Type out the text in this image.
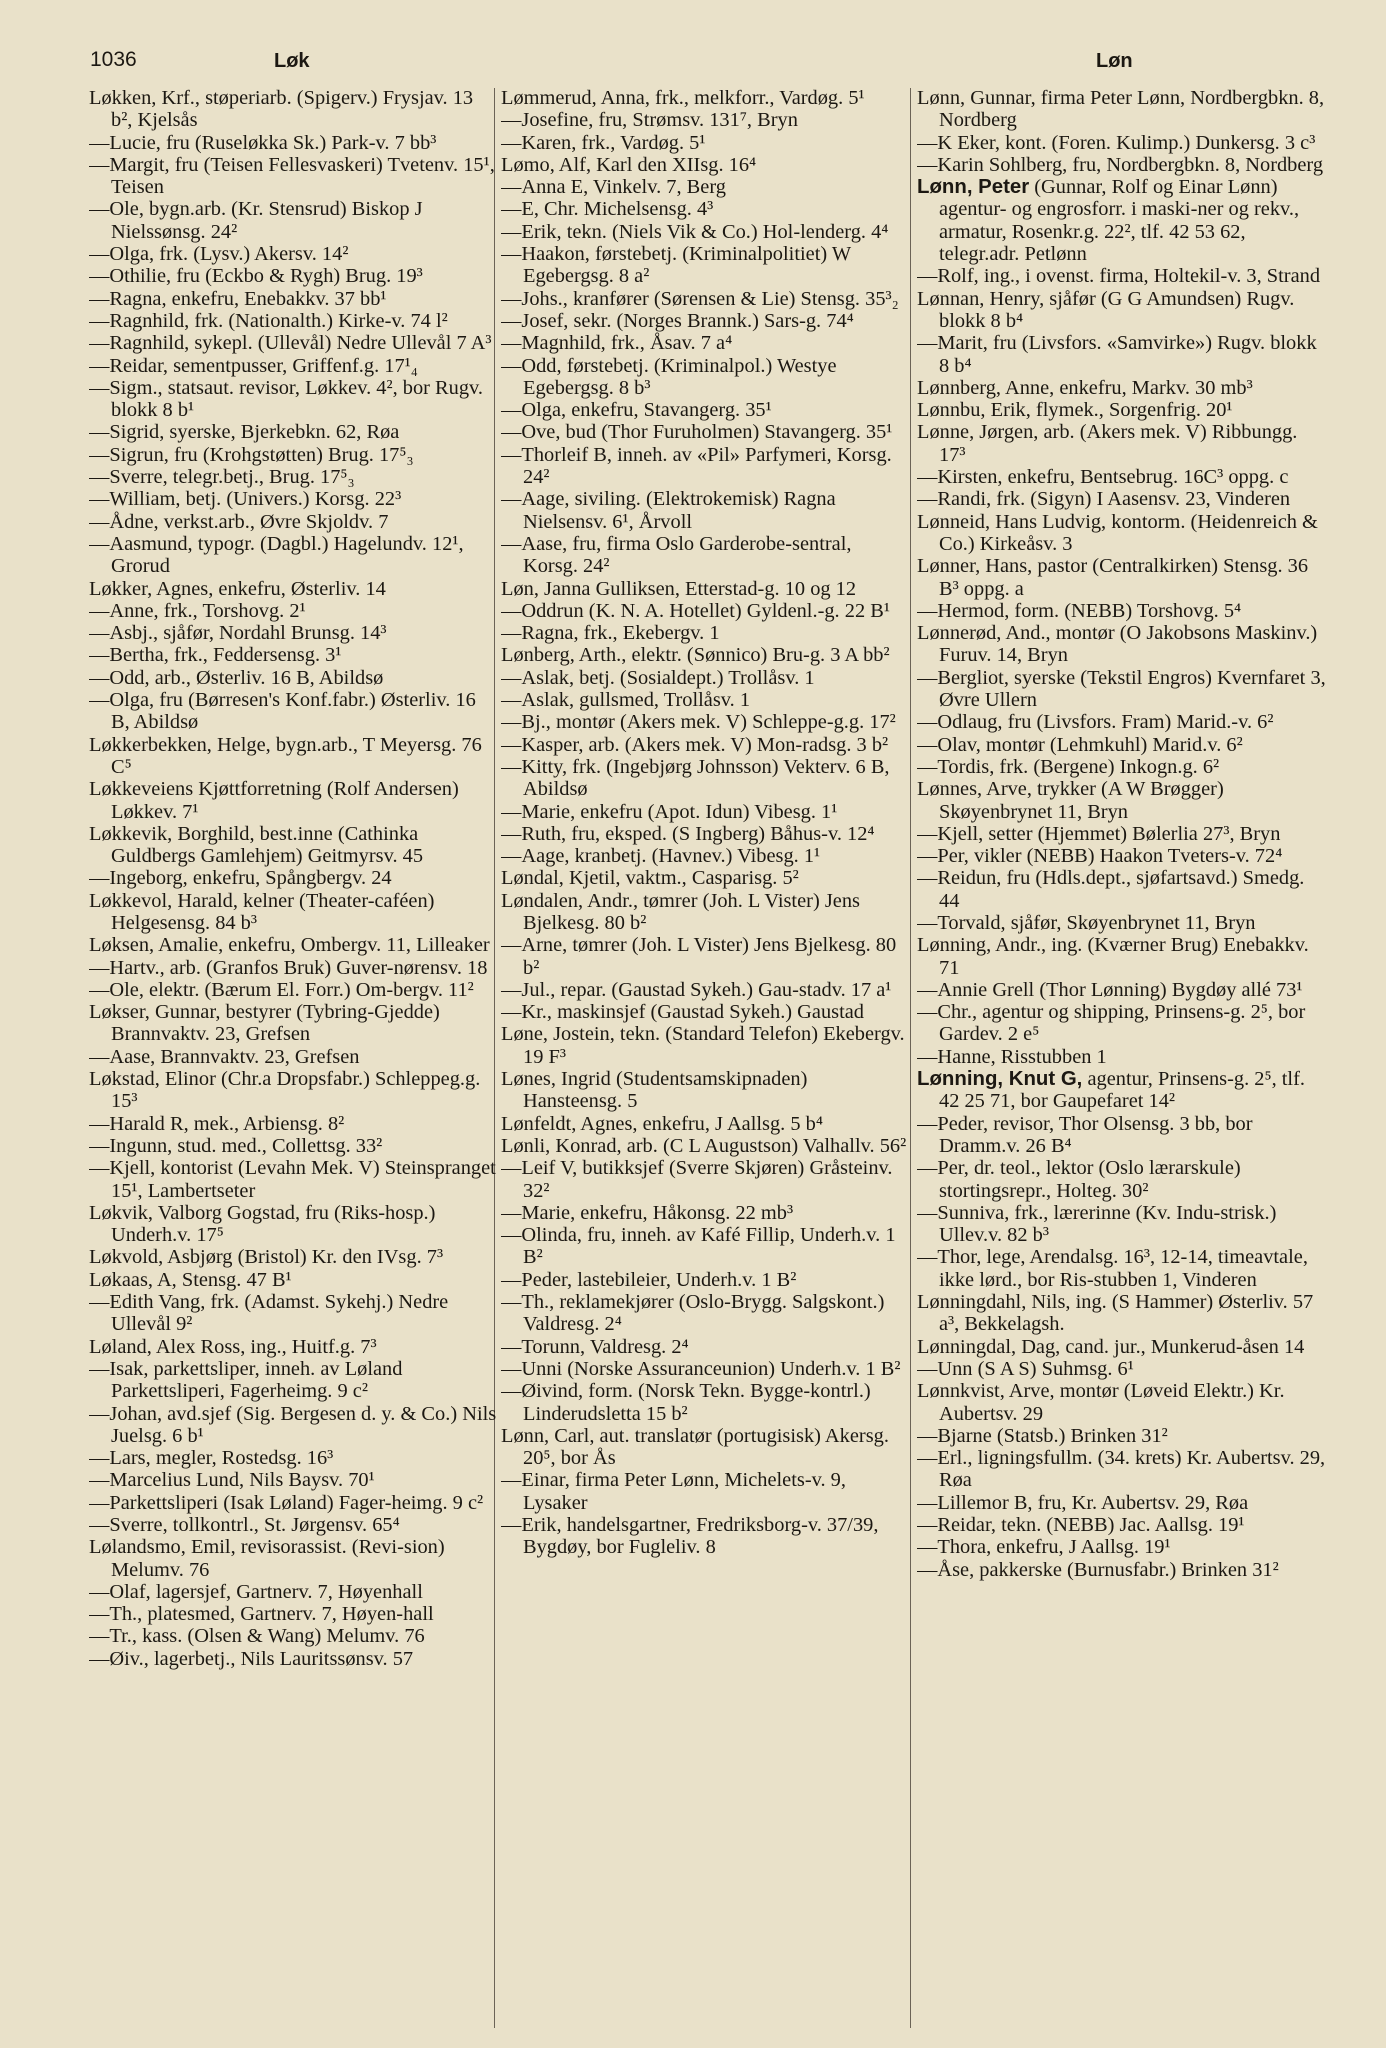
1036	Løk	Løn

Løkken, Krf., støperiarb. (Spigerv.) Frysjav. 13 b², Kjelsås

—Lucie, fru (Ruseløkka Sk.) Park-v. 7 bb³

—Margit, fru (Teisen Fellesvaskeri) Tvetenv. 15¹, Teisen

—Ole, bygn.arb. (Kr. Stensrud) Biskop J Nielssønsg. 24²

—Olga, frk. (Lysv.) Akersv. 14²

—Othilie, fru (Eckbo & Rygh) Brug. 19³

—Ragna, enkefru, Enebakkv. 37 bb¹

—Ragnhild, frk. (Nationalth.) Kirke-v. 74 l²

—Ragnhild, sykepl. (Ullevål) Nedre Ullevål 7 A³

—Reidar, sementpusser, Griffenf.g. 17¹₄

—Sigm., statsaut. revisor, Løkkev. 4², bor Rugv. blokk 8 b¹

—Sigrid, syerske, Bjerkebkn. 62, Røa

—Sigrun, fru (Krohgstøtten) Brug. 17⁵₃

—Sverre, telegr.betj., Brug. 17⁵₃

—William, betj. (Univers.) Korsg. 22³

—Ådne, verkst.arb., Øvre Skjoldv. 7

—Aasmund, typogr. (Dagbl.) Hagelundv. 12¹, Grorud

Løkker, Agnes, enkefru, Østerliv. 14

—Anne, frk., Torshovg. 2¹

—Asbj., sjåfør, Nordahl Brunsg. 14³

—Bertha, frk., Feddersensg. 3¹

—Odd, arb., Østerliv. 16 B, Abildsø

—Olga, fru (Børresen's Konf.fabr.) Østerliv. 16 B, Abildsø

Løkkerbekken, Helge, bygn.arb., T Meyersg. 76 C⁵

Løkkeveiens Kjøttforretning (Rolf Andersen) Løkkev. 7¹

Løkkevik, Borghild, best.inne (Cathinka Guldbergs Gamlehjem) Geitmyrsv. 45

—Ingeborg, enkefru, Spångbergv. 24

Løkkevol, Harald, kelner (Theater-caféen) Helgesensg. 84 b³

Løksen, Amalie, enkefru, Ombergv. 11, Lilleaker

—Hartv., arb. (Granfos Bruk) Guver-nørensv. 18

—Ole, elektr. (Bærum El. Forr.) Om-bergv. 11²

Løkser, Gunnar, bestyrer (Tybring-Gjedde) Brannvaktv. 23, Grefsen

—Aase, Brannvaktv. 23, Grefsen

Løkstad, Elinor (Chr.a Dropsfabr.) Schleppeg.g. 15³

—Harald R, mek., Arbiensg. 8²

—Ingunn, stud. med., Collettsg. 33²

—Kjell, kontorist (Levahn Mek. V) Steinspranget 15¹, Lambertseter

Løkvik, Valborg Gogstad, fru (Riks-hosp.) Underh.v. 17⁵

Løkvold, Asbjørg (Bristol) Kr. den IVsg. 7³

Løkaas, A, Stensg. 47 B¹

—Edith Vang, frk. (Adamst. Sykehj.) Nedre Ullevål 9²

Løland, Alex Ross, ing., Huitf.g. 7³

—Isak, parkettsliper, inneh. av Løland Parkettsliperi, Fagerheimg. 9 c²

—Johan, avd.sjef (Sig. Bergesen d. y. & Co.) Nils Juelsg. 6 b¹

—Lars, megler, Rostedsg. 16³

—Marcelius Lund, Nils Baysv. 70¹

—Parkettsliperi (Isak Løland) Fager-heimg. 9 c²

—Sverre, tollkontrl., St. Jørgensv. 65⁴

Lølandsmo, Emil, revisorassist. (Revi-sion) Melumv. 76

—Olaf, lagersjef, Gartnerv. 7, Høyenhall

—Th., platesmed, Gartnerv. 7, Høyen-hall

—Tr., kass. (Olsen & Wang) Melumv. 76

—Øiv., lagerbetj., Nils Lauritssønsv. 57

Lømmerud, Anna, frk., melkforr., Vardøg. 5¹

—Josefine, fru, Strømsv. 131⁷, Bryn

—Karen, frk., Vardøg. 5¹

Lømo, Alf, Karl den XIIsg. 16⁴

—Anna E, Vinkelv. 7, Berg

—E, Chr. Michelsensg. 4³

—Erik, tekn. (Niels Vik & Co.) Hol-lenderg. 4⁴

—Haakon, førstebetj. (Kriminalpolitiet) W Egebergsg. 8 a²

—Johs., kranfører (Sørensen & Lie) Stensg. 35³₂

—Josef, sekr. (Norges Brannk.) Sars-g. 74⁴

—Magnhild, frk., Åsav. 7 a⁴

—Odd, førstebetj. (Kriminalpol.) Westye Egebergsg. 8 b³

—Olga, enkefru, Stavangerg. 35¹

—Ove, bud (Thor Furuholmen) Stavangerg. 35¹

—Thorleif B, inneh. av «Pil» Parfymeri, Korsg. 24²

—Aage, siviling. (Elektrokemisk) Ragna Nielsensv. 6¹, Årvoll

—Aase, fru, firma Oslo Garderobe-sentral, Korsg. 24²

Løn, Janna Gulliksen, Etterstad-g. 10 og 12

—Oddrun (K. N. A. Hotellet) Gyldenl.-g. 22 B¹

—Ragna, frk., Ekebergv. 1

Lønberg, Arth., elektr. (Sønnico) Bru-g. 3 A bb²

—Aslak, betj. (Sosialdept.) Trollåsv. 1

—Aslak, gullsmed, Trollåsv. 1

—Bj., montør (Akers mek. V) Schleppe-g.g. 17²

—Kasper, arb. (Akers mek. V) Mon-radsg. 3 b²

—Kitty, frk. (Ingebjørg Johnsson) Vekterv. 6 B, Abildsø

—Marie, enkefru (Apot. Idun) Vibesg. 1¹

—Ruth, fru, eksped. (S Ingberg) Båhus-v. 12⁴

—Aage, kranbetj. (Havnev.) Vibesg. 1¹

Løndal, Kjetil, vaktm., Casparisg. 5²

Løndalen, Andr., tømrer (Joh. L Vister) Jens Bjelkesg. 80 b²

—Arne, tømrer (Joh. L Vister) Jens Bjelkesg. 80 b²

—Jul., repar. (Gaustad Sykeh.) Gau-stadv. 17 a¹

—Kr., maskinsjef (Gaustad Sykeh.) Gaustad

Løne, Jostein, tekn. (Standard Telefon) Ekebergv. 19 F³

Lønes, Ingrid (Studentsamskipnaden) Hansteensg. 5

Lønfeldt, Agnes, enkefru, J Aallsg. 5 b⁴

Lønli, Konrad, arb. (C L Augustson) Valhallv. 56²

—Leif V, butikksjef (Sverre Skjøren) Gråsteinv. 32²

—Marie, enkefru, Håkonsg. 22 mb³

—Olinda, fru, inneh. av Kafé Fillip, Underh.v. 1 B²

—Peder, lastebileier, Underh.v. 1 B²

—Th., reklamekjører (Oslo-Brygg. Salgskont.) Valdresg. 2⁴

—Torunn, Valdresg. 2⁴

—Unni (Norske Assuranceunion) Underh.v. 1 B²

—Øivind, form. (Norsk Tekn. Bygge-kontrl.) Linderudsletta 15 b²

Lønn, Carl, aut. translatør (portugisisk) Akersg. 20⁵, bor Ås

—Einar, firma Peter Lønn, Michelets-v. 9, Lysaker

—Erik, handelsgartner, Fredriksborg-v. 37/39, Bygdøy, bor Fugleliv. 8

Lønn, Gunnar, firma Peter Lønn, Nordbergbkn. 8, Nordberg

—K Eker, kont. (Foren. Kulimp.) Dunkersg. 3 c³

—Karin Sohlberg, fru, Nordbergbkn. 8, Nordberg

Lønn, Peter (Gunnar, Rolf og Einar Lønn) agentur- og engrosforr. i maski-ner og rekv., armatur, Rosenkr.g. 22², tlf. 42 53 62, telegr.adr. Petlønn

—Rolf, ing., i ovenst. firma, Holtekil-v. 3, Strand

Lønnan, Henry, sjåfør (G G Amundsen) Rugv. blokk 8 b⁴

—Marit, fru (Livsfors. «Samvirke») Rugv. blokk 8 b⁴

Lønnberg, Anne, enkefru, Markv. 30 mb³

Lønnbu, Erik, flymek., Sorgenfrig. 20¹

Lønne, Jørgen, arb. (Akers mek. V) Ribbungg. 17³

—Kirsten, enkefru, Bentsebrug. 16C³ oppg. c

—Randi, frk. (Sigyn) I Aasensv. 23, Vinderen

Lønneid, Hans Ludvig, kontorm. (Heidenreich & Co.) Kirkeåsv. 3

Lønner, Hans, pastor (Centralkirken) Stensg. 36 B³ oppg. a

—Hermod, form. (NEBB) Torshovg. 5⁴

Lønnerød, And., montør (O Jakobsons Maskinv.) Furuv. 14, Bryn

—Bergliot, syerske (Tekstil Engros) Kvernfaret 3, Øvre Ullern

—Odlaug, fru (Livsfors. Fram) Marid.-v. 6²

—Olav, montør (Lehmkuhl) Marid.v. 6²

—Tordis, frk. (Bergene) Inkogn.g. 6²

Lønnes, Arve, trykker (A W Brøgger) Skøyenbrynet 11, Bryn

—Kjell, setter (Hjemmet) Bølerlia 27³, Bryn

—Per, vikler (NEBB) Haakon Tveters-v. 72⁴

—Reidun, fru (Hdls.dept., sjøfartsavd.) Smedg. 44

—Torvald, sjåfør, Skøyenbrynet 11, Bryn

Lønning, Andr., ing. (Kværner Brug) Enebakkv. 71

—Annie Grell (Thor Lønning) Bygdøy allé 73¹

—Chr., agentur og shipping, Prinsens-g. 2⁵, bor Gardev. 2 e⁵

—Hanne, Risstubben 1

Lønning, Knut G, agentur, Prinsens-g. 2⁵, tlf. 42 25 71, bor Gaupefaret 14²

—Peder, revisor, Thor Olsensg. 3 bb, bor Dramm.v. 26 B⁴

—Per, dr. teol., lektor (Oslo lærarskule) stortingsrepr., Holteg. 30²

—Sunniva, frk., lærerinne (Kv. Indu-strisk.) Ullev.v. 82 b³

—Thor, lege, Arendalsg. 16³, 12-14, timeavtale, ikke lørd., bor Ris-stubben 1, Vinderen

Lønningdahl, Nils, ing. (S Hammer) Østerliv. 57 a³, Bekkelagsh.

Lønningdal, Dag, cand. jur., Munkerud-åsen 14

—Unn (S A S) Suhmsg. 6¹

Lønnkvist, Arve, montør (Løveid Elektr.) Kr. Aubertsv. 29

—Bjarne (Statsb.) Brinken 31²

—Erl., ligningsfullm. (34. krets) Kr. Aubertsv. 29, Røa

—Lillemor B, fru, Kr. Aubertsv. 29, Røa

—Reidar, tekn. (NEBB) Jac. Aallsg. 19¹

—Thora, enkefru, J Aallsg. 19¹

—Åse, pakkerske (Burnusfabr.) Brinken 31²
